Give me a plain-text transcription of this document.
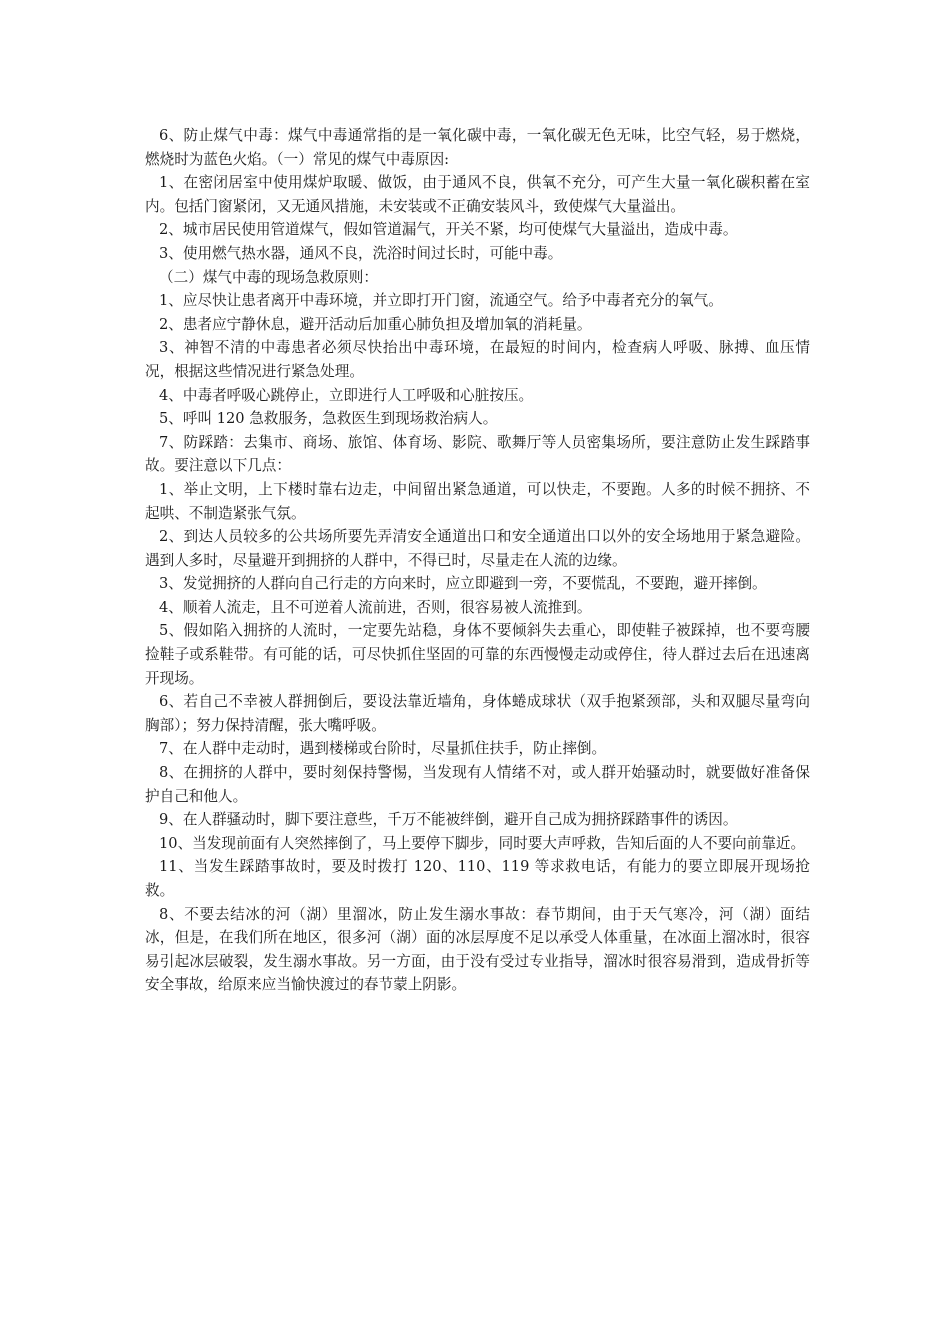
6、防止煤气中毒：煤气中毒通常指的是一氧化碳中毒，一氧化碳无色无味，比空气轻，易于燃烧，燃烧时为蓝色火焰。（一）常见的煤气中毒原因:

1、在密闭居室中使用煤炉取暖、做饭，由于通风不良，供氧不充分，可产生大量一氧化碳积蓄在室内。包括门窗紧闭，又无通风措施，未安装或不正确安装风斗，致使煤气大量溢出。

2、城市居民使用管道煤气，假如管道漏气，开关不紧，均可使煤气大量溢出，造成中毒。

3、使用燃气热水器，通风不良，洗浴时间过长时，可能中毒。

（二）煤气中毒的现场急救原则：

1、应尽快让患者离开中毒环境，并立即打开门窗，流通空气。给予中毒者充分的氧气。

2、患者应宁静休息，避开活动后加重心肺负担及增加氧的消耗量。

3、神智不清的中毒患者必须尽快抬出中毒环境，在最短的时间内，检查病人呼吸、脉搏、血压情况，根据这些情况进行紧急处理。

4、中毒者呼吸心跳停止，立即进行人工呼吸和心脏按压。

5、呼叫 120 急救服务，急救医生到现场救治病人。

7、防踩踏：去集市、商场、旅馆、体育场、影院、歌舞厅等人员密集场所，要注意防止发生踩踏事故。要注意以下几点：

1、举止文明，上下楼时靠右边走，中间留出紧急通道，可以快走，不要跑。人多的时候不拥挤、不起哄、不制造紧张气氛。

2、到达人员较多的公共场所要先弄清安全通道出口和安全通道出口以外的安全场地用于紧急避险。遇到人多时，尽量避开到拥挤的人群中，不得已时，尽量走在人流的边缘。

3、发觉拥挤的人群向自己行走的方向来时，应立即避到一旁，不要慌乱，不要跑，避开摔倒。

4、顺着人流走，且不可逆着人流前进，否则，很容易被人流推到。

5、假如陷入拥挤的人流时，一定要先站稳，身体不要倾斜失去重心，即使鞋子被踩掉，也不要弯腰捡鞋子或系鞋带。有可能的话，可尽快抓住坚固的可靠的东西慢慢走动或停住，待人群过去后在迅速离开现场。

6、若自己不幸被人群拥倒后，要设法靠近墙角，身体蜷成球状（双手抱紧颈部，头和双腿尽量弯向胸部）；努力保持清醒，张大嘴呼吸。

7、在人群中走动时，遇到楼梯或台阶时，尽量抓住扶手，防止摔倒。

8、在拥挤的人群中，要时刻保持警惕，当发现有人情绪不对，或人群开始骚动时，就要做好准备保护自己和他人。

9、在人群骚动时，脚下要注意些，千万不能被绊倒，避开自己成为拥挤踩踏事件的诱因。

10、当发现前面有人突然摔倒了，马上要停下脚步，同时要大声呼救，告知后面的人不要向前靠近。

11、当发生踩踏事故时，要及时拨打 120、110、119 等求救电话，有能力的要立即展开现场抢救。

8、不要去结冰的河（湖）里溜冰，防止发生溺水事故：春节期间，由于天气寒冷，河（湖）面结冰，但是，在我们所在地区，很多河（湖）面的冰层厚度不足以承受人体重量，在冰面上溜冰时，很容易引起冰层破裂，发生溺水事故。另一方面，由于没有受过专业指导，溜冰时很容易滑到，造成骨折等安全事故，给原来应当愉快渡过的春节蒙上阴影。
